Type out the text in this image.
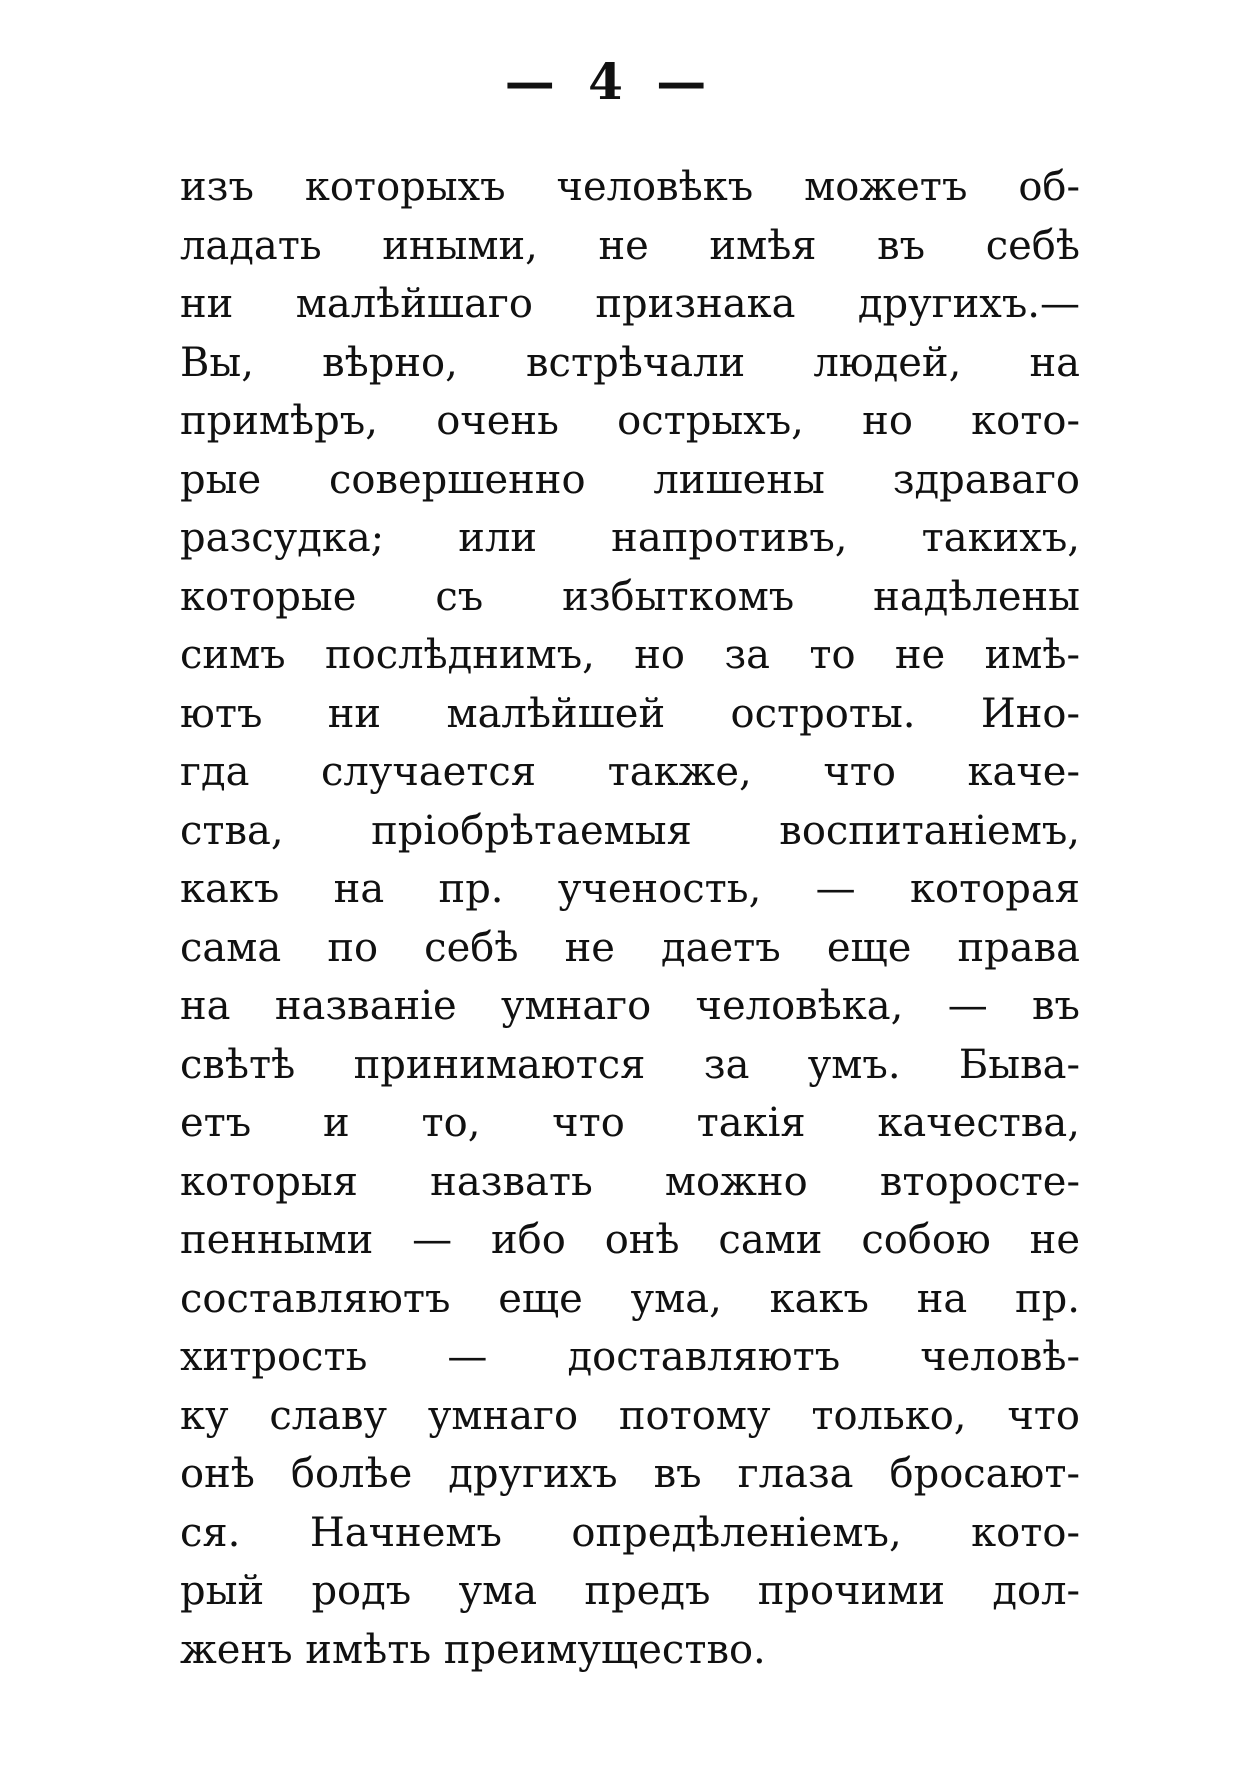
— 4 —
изъ которыхъ человѣкъ можетъ об-
ладать иными, не имѣя въ себѣ
ни малѣйшаго признака другихъ.—
Вы, вѣрно, встрѣчали людей, на
примѣръ, очень острыхъ, но кото-
рые совершенно лишены здраваго
разсудка; или напротивъ, такихъ,
которые съ избыткомъ надѣлены
симъ послѣднимъ, но за то не имѣ-
ютъ ни малѣйшей остроты. Ино-
гда случается также, что каче-
ства, пріобрѣтаемыя воспитаніемъ,
какъ на пр. ученость, — которая
сама по себѣ не даетъ еще права
на названіе умнаго человѣка, — въ
свѣтѣ принимаются за умъ. Быва-
етъ и то, что такія качества,
которыя назвать можно второсте-
пенными — ибо онѣ сами собою не
составляютъ еще ума, какъ на пр.
хитрость — доставляютъ человѣ-
ку славу умнаго потому только, что
онѣ болѣе другихъ въ глаза бросают-
ся. Начнемъ опредѣленіемъ, кото-
рый родъ ума предъ прочими дол-
женъ имѣть преимущество.
